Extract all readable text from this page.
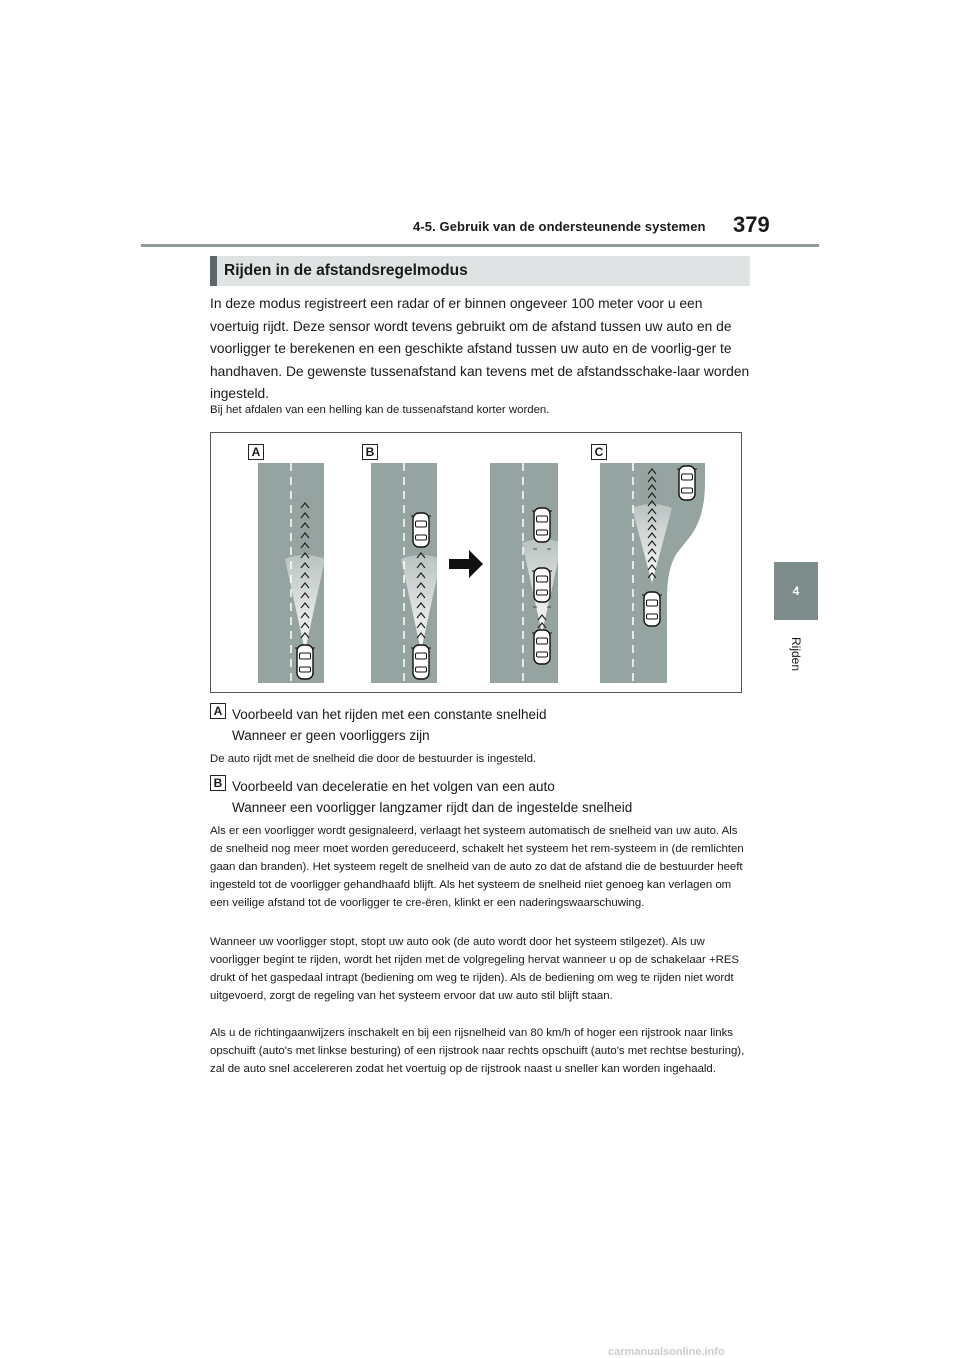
4-5. Gebruik van de ondersteunende systemen 379
4
Rijden
Rijden in de afstandsregelmodus
In deze modus registreert een radar of er binnen ongeveer 100 meter voor u een voertuig rijdt. Deze sensor wordt tevens gebruikt om de afstand tussen uw auto en de voorligger te berekenen en een geschikte afstand tussen uw auto en de voorlig-ger te handhaven. De gewenste tussenafstand kan tevens met de afstandsschake-laar worden ingesteld.
Bij het afdalen van een helling kan de tussenafstand korter worden.
A	B	C
A Voorbeeld van het rijden met een constante snelheid
Wanneer er geen voorliggers zijn
De auto rijdt met de snelheid die door de bestuurder is ingesteld.
B Voorbeeld van deceleratie en het volgen van een auto
Wanneer een voorligger langzamer rijdt dan de ingestelde snelheid
Als er een voorligger wordt gesignaleerd, verlaagt het systeem automatisch de snelheid van uw auto. Als de snelheid nog meer moet worden gereduceerd, schakelt het systeem het rem-systeem in (de remlichten gaan dan branden). Het systeem regelt de snelheid van de auto zo dat de afstand die de bestuurder heeft ingesteld tot de voorligger gehandhaafd blijft. Als het systeem de snelheid niet genoeg kan verlagen om een veilige afstand tot de voorligger te cre-ëren, klinkt er een naderingswaarschuwing.
Wanneer uw voorligger stopt, stopt uw auto ook (de auto wordt door het systeem stilgezet). Als uw voorligger begint te rijden, wordt het rijden met de volgregeling hervat wanneer u op de schakelaar +RES drukt of het gaspedaal intrapt (bediening om weg te rijden). Als de bediening om weg te rijden niet wordt uitgevoerd, zorgt de regeling van het systeem ervoor dat uw auto stil blijft staan.
Als u de richtingaanwijzers inschakelt en bij een rijsnelheid van 80 km/h of hoger een rijstrook naar links opschuift (auto's met linkse besturing) of een rijstrook naar rechts opschuift (auto's met rechtse besturing), zal de auto snel accelereren zodat het voertuig op de rijstrook naast u sneller kan worden ingehaald.
carmanualsonline.info
